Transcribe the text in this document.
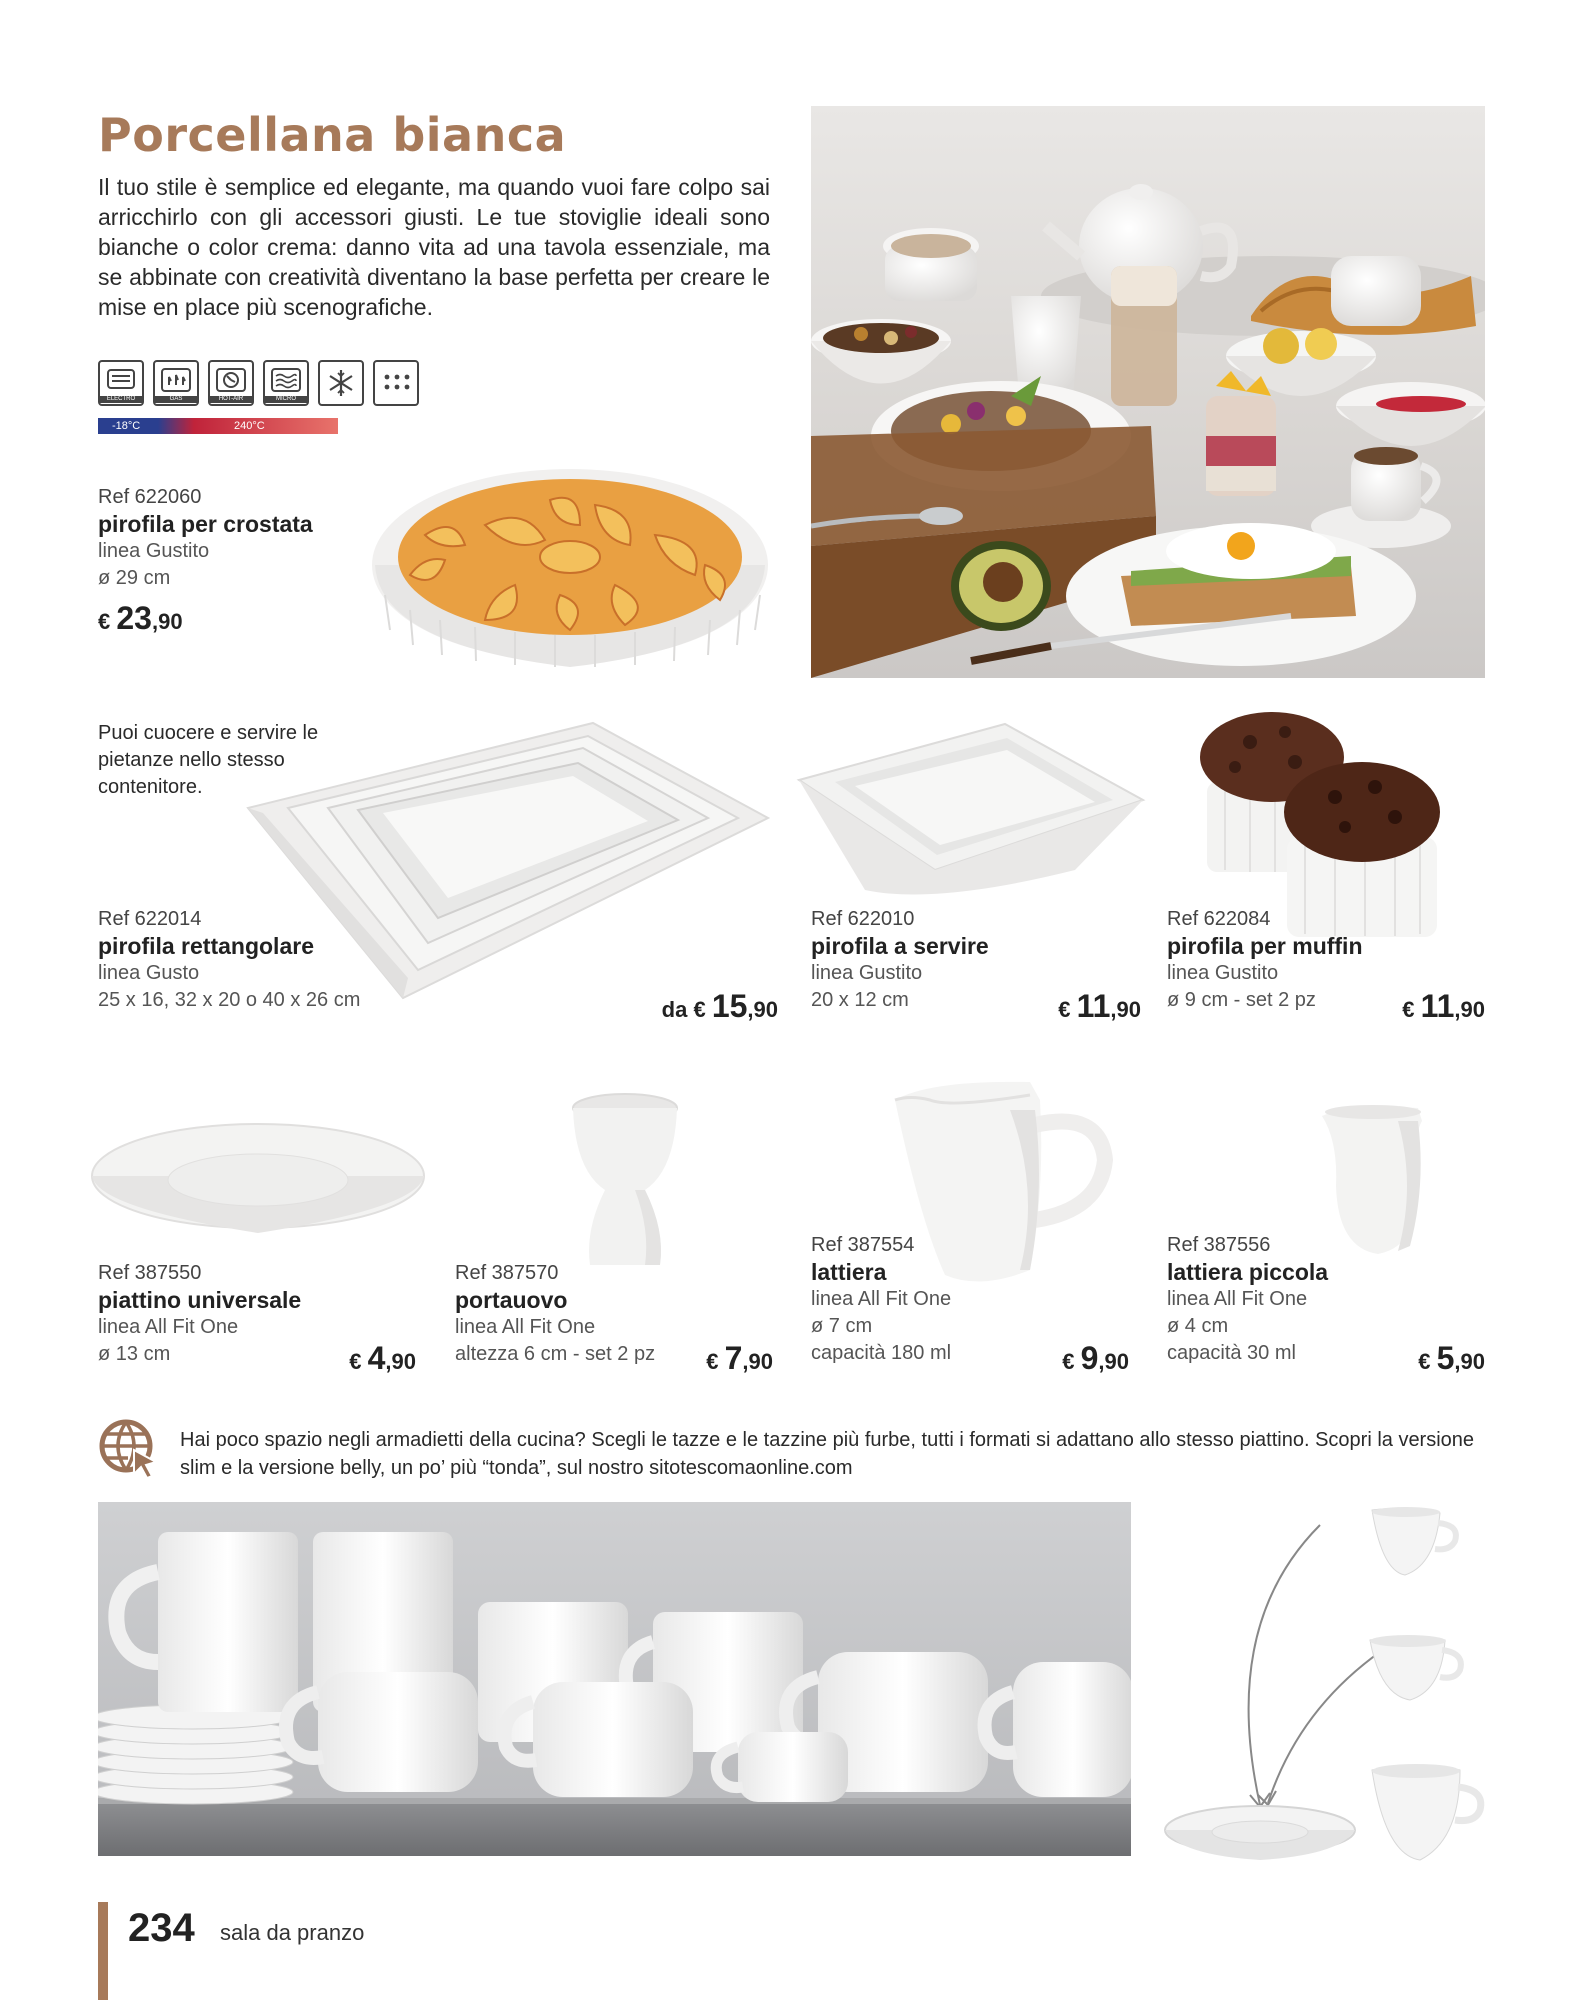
Porcellana bianca
Il tuo stile è semplice ed elegante, ma quando vuoi fare colpo sai arricchirlo con gli accessori giusti. Le tue stoviglie ideali sono bianche o color crema: danno vita ad una tavola essenziale, ma se abbinate con creatività diventano la base perfetta per creare le mise en place più scenografiche.
ELECTRO	GAS	HOT-AIR	MICRO
-18°C	240°C
Ref 622060
pirofila per crostata
linea Gustito
ø 29 cm
€ 23,90
Puoi cuocere e servire le pietanze nello stesso contenitore.
Ref 622014
pirofila rettangolare
linea Gusto
25 x 16, 32 x 20 o 40 x 26 cm	da € 15,90
Ref 622010
pirofila a servire
linea Gustito
20 x 12 cm	€ 11,90
Ref 622084
pirofila per muffin
linea Gustito
ø 9 cm - set 2 pz	€ 11,90
Ref 387550
piattino universale
linea All Fit One
ø 13 cm	€ 4,90
Ref 387570
portauovo
linea All Fit One
altezza 6 cm - set 2 pz	€ 7,90
Ref 387554
lattiera
linea All Fit One
ø 7 cm
capacità 180 ml	€ 9,90
Ref 387556
lattiera piccola
linea All Fit One
ø 4 cm
capacità 30 ml	€ 5,90
Hai poco spazio negli armadietti della cucina? Scegli le tazze e le tazzine più furbe, tutti i formati si adattano allo stesso piattino. Scopri la versione slim e la versione belly, un po’ più “tonda”, sul nostro sitotescomaonline.com
234 sala da pranzo
